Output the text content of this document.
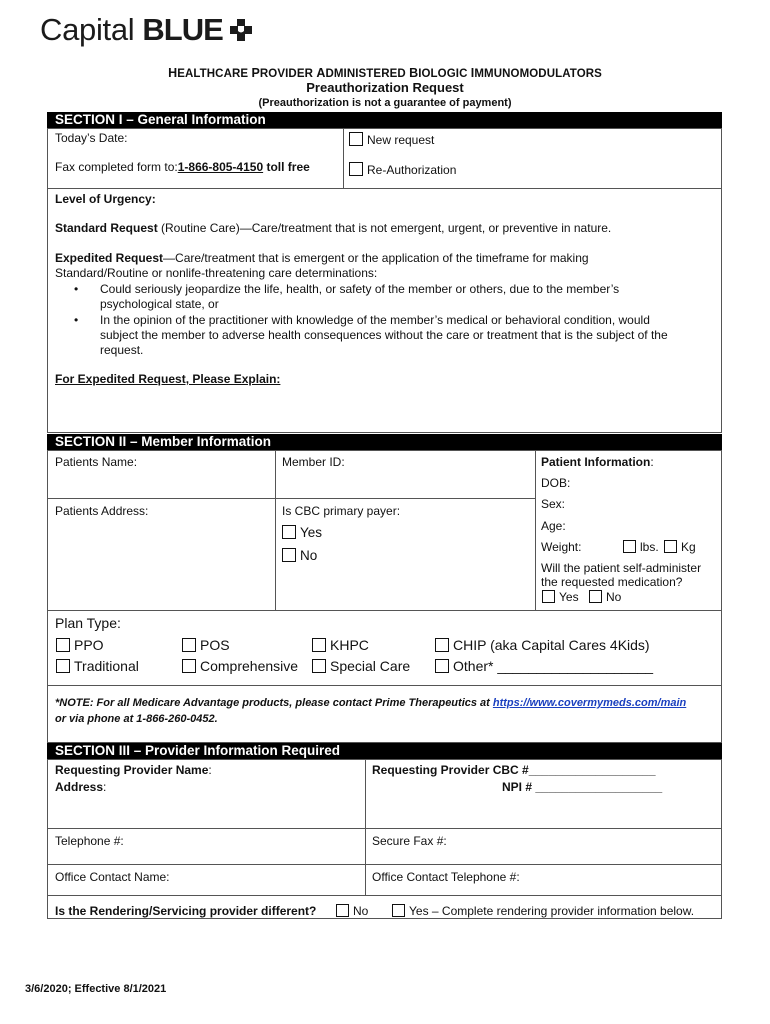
Capital BLUE
HEALTHCARE PROVIDER ADMINISTERED BIOLOGIC IMMUNOMODULATORS
Preauthorization Request
(Preauthorization is not a guarantee of payment)
SECTION I – General Information
Today’s Date:
Fax completed form to:1-866-805-4150 toll free
New request
Re-Authorization
Level of Urgency:
Standard Request (Routine Care)—Care/treatment that is not emergent, urgent, or preventive in nature.
Expedited Request—Care/treatment that is emergent or the application of the timeframe for making
Standard/Routine or nonlife-threatening care determinations:
• Could seriously jeopardize the life, health, or safety of the member or others, due to the member’s
psychological state, or
• In the opinion of the practitioner with knowledge of the member’s medical or behavioral condition, would
subject the member to adverse health consequences without the care or treatment that is the subject of the
request.
For Expedited Request, Please Explain:
SECTION II – Member Information
Patients Name:	Member ID:	Patient Information:
DOB:
Sex:
Age:
Weight:	lbs.	Kg
Will the patient self-administer
the requested medication?
Yes	No
Patients Address:	Is CBC primary payer:
Yes
No
Plan Type:
PPO	POS	KHPC	CHIP (aka Capital Cares 4Kids)
Traditional	Comprehensive	Special Care	Other* ____________________
*NOTE: For all Medicare Advantage products, please contact Prime Therapeutics at https://www.covermymeds.com/main
or via phone at 1-866-260-0452.
SECTION III – Provider Information Required
Requesting Provider Name:
Address:
Requesting Provider CBC #___________________
NPI # ___________________
Telephone #:	Secure Fax #:
Office Contact Name:	Office Contact Telephone #:
Is the Rendering/Servicing provider different?	No	Yes – Complete rendering provider information below.
3/6/2020; Effective 8/1/2021
